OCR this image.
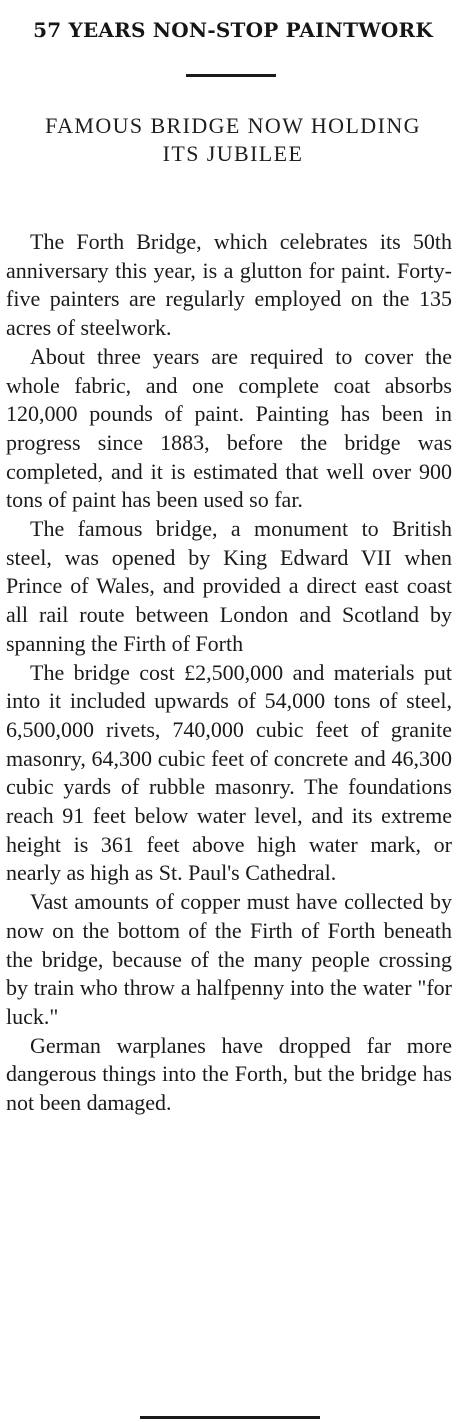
57 YEARS NON-STOP PAINTWORK
FAMOUS BRIDGE NOW HOLDING
ITS JUBILEE

The Forth Bridge, which celebrates its 50th anniversary this year, is a glutton for paint. Forty-five painters are regularly employed on the 135 acres of steelwork.

About three years are required to cover the whole fabric, and one complete coat absorbs 120,000 pounds of paint. Painting has been in progress since 1883, before the bridge was completed, and it is estimated that well over 900 tons of paint has been used so far.

The famous bridge, a monument to British steel, was opened by King Edward VII when Prince of Wales, and provided a direct east coast all rail route between London and Scotland by spanning the Firth of Forth

The bridge cost £2,500,000 and materials put into it included upwards of 54,000 tons of steel, 6,500,000 rivets, 740,000 cubic feet of granite masonry, 64,300 cubic feet of concrete and 46,300 cubic yards of rubble masonry. The foundations reach 91 feet below water level, and its extreme height is 361 feet above high water mark, or nearly as high as St. Paul's Cathedral.

Vast amounts of copper must have collected by now on the bottom of the Firth of Forth beneath the bridge, because of the many people crossing by train who throw a halfpenny into the water "for luck."

German warplanes have dropped far more dangerous things into the Forth, but the bridge has not been damaged.
